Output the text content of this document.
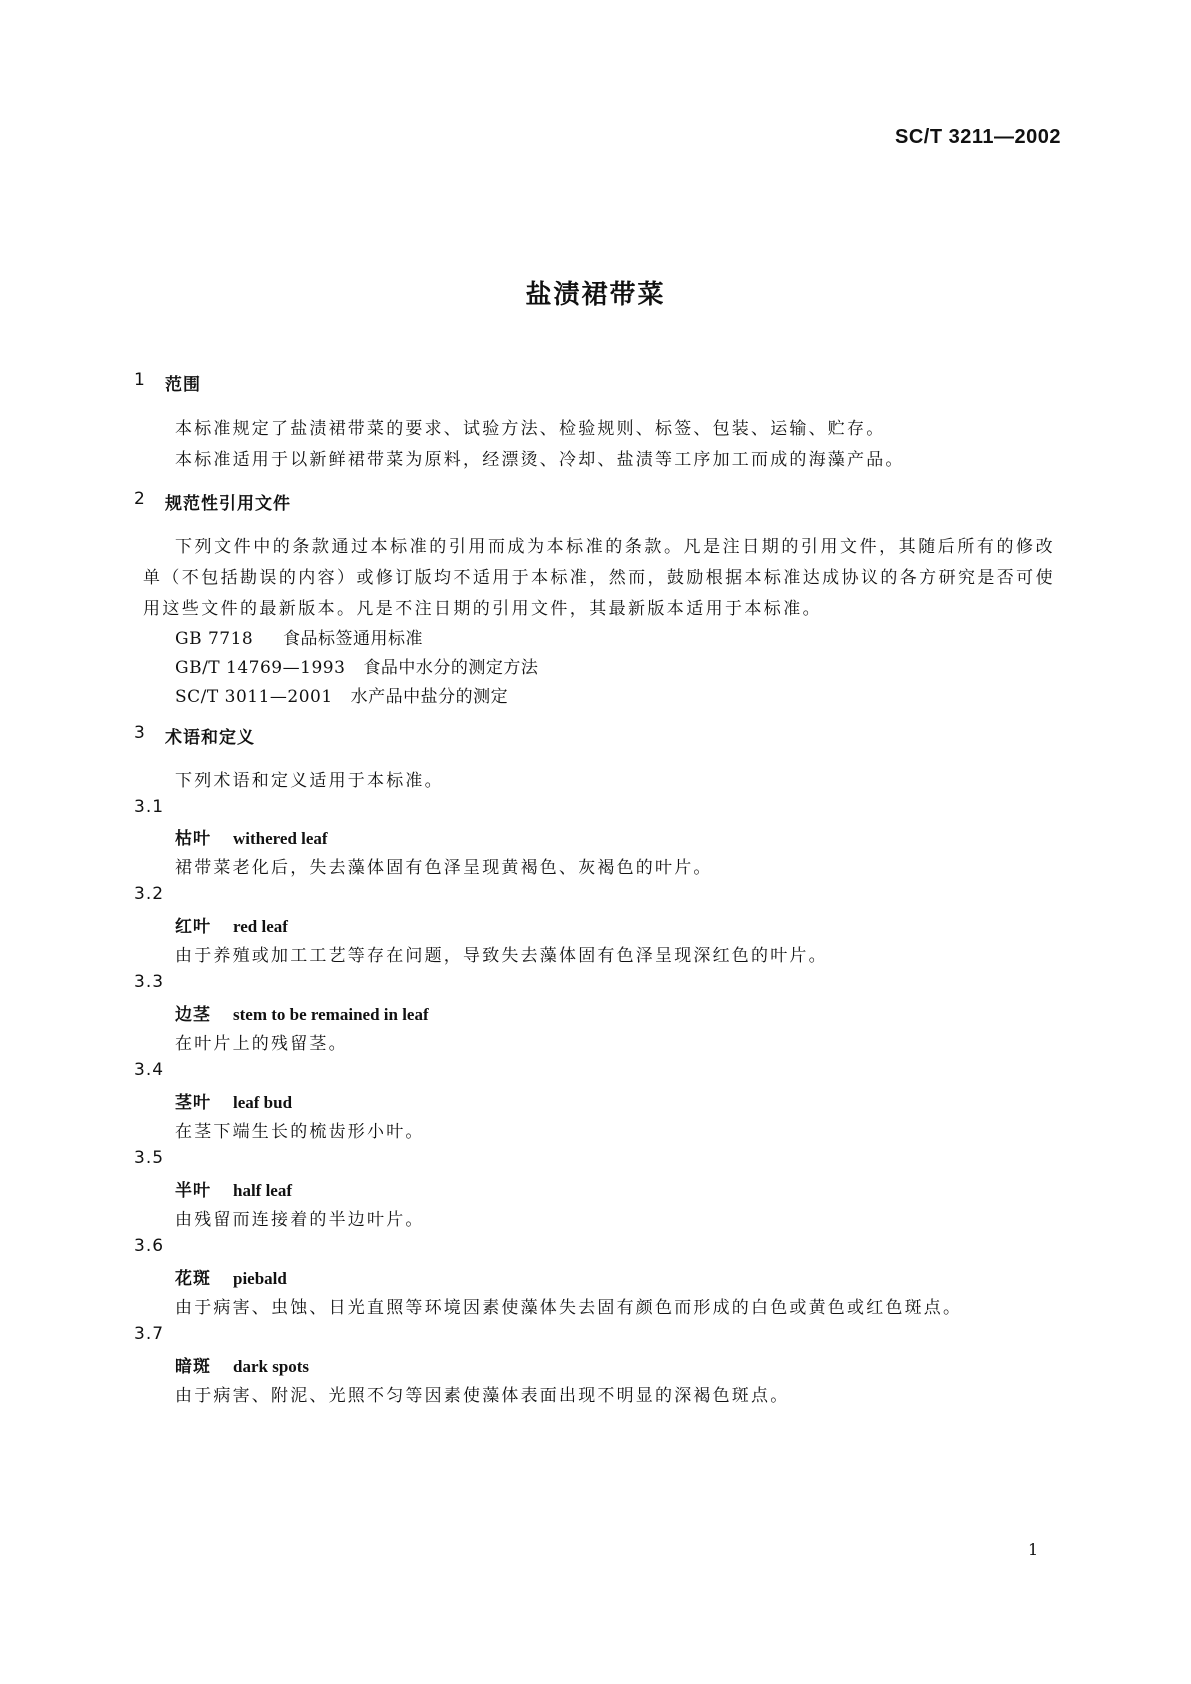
SC/T 3211—2002
盐渍裙带菜
1 范围
本标准规定了盐渍裙带菜的要求、试验方法、检验规则、标签、包装、运输、贮存。
本标准适用于以新鲜裙带菜为原料，经漂烫、冷却、盐渍等工序加工而成的海藻产品。
2 规范性引用文件
下列文件中的条款通过本标准的引用而成为本标准的条款。凡是注日期的引用文件，其随后所有的修改单（不包括勘误的内容）或修订版均不适用于本标准，然而，鼓励根据本标准达成协议的各方研究是否可使用这些文件的最新版本。凡是不注日期的引用文件，其最新版本适用于本标准。
GB 7718 食品标签通用标准
GB/T 14769—1993 食品中水分的测定方法
SC/T 3011—2001 水产品中盐分的测定
3 术语和定义
下列术语和定义适用于本标准。
3.1
枯叶 withered leaf
裙带菜老化后，失去藻体固有色泽呈现黄褐色、灰褐色的叶片。
3.2
红叶 red leaf
由于养殖或加工工艺等存在问题，导致失去藻体固有色泽呈现深红色的叶片。
3.3
边茎 stem to be remained in leaf
在叶片上的残留茎。
3.4
茎叶 leaf bud
在茎下端生长的梳齿形小叶。
3.5
半叶 half leaf
由残留而连接着的半边叶片。
3.6
花斑 piebald
由于病害、虫蚀、日光直照等环境因素使藻体失去固有颜色而形成的白色或黄色或红色斑点。
3.7
暗斑 dark spots
由于病害、附泥、光照不匀等因素使藻体表面出现不明显的深褐色斑点。
1
